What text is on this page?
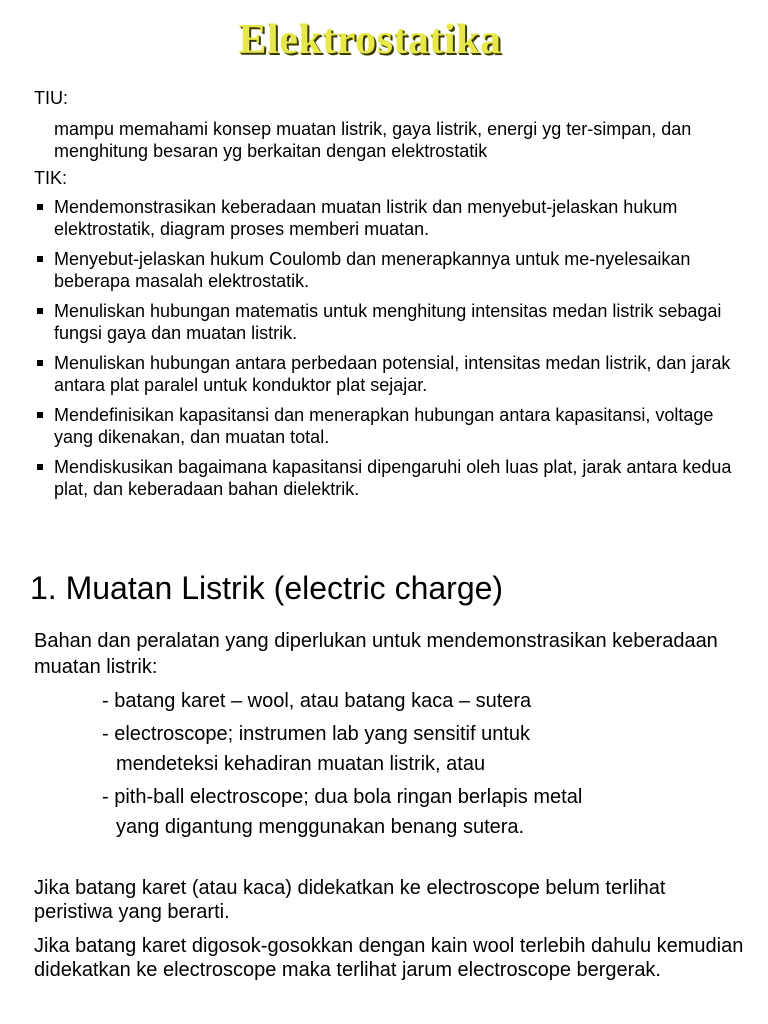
Elektrostatika
TIU:
mampu memahami konsep muatan listrik, gaya listrik, energi yg ter-simpan, dan menghitung besaran yg berkaitan dengan elektrostatik
TIK:
Mendemonstrasikan keberadaan muatan listrik dan menyebut-jelaskan hukum elektrostatik, diagram proses memberi muatan.
Menyebut-jelaskan hukum Coulomb dan menerapkannya untuk me-nyelesaikan beberapa masalah elektrostatik.
Menuliskan hubungan matematis untuk menghitung intensitas medan listrik sebagai fungsi gaya dan muatan listrik.
Menuliskan hubungan antara perbedaan potensial, intensitas medan listrik, dan jarak antara plat paralel untuk konduktor plat sejajar.
Mendefinisikan kapasitansi dan menerapkan hubungan antara kapasitansi, voltage yang dikenakan, dan muatan total.
Mendiskusikan bagaimana kapasitansi dipengaruhi oleh luas plat, jarak antara kedua plat, dan keberadaan bahan dielektrik.
1. Muatan Listrik (electric charge)
Bahan dan peralatan yang diperlukan untuk mendemonstrasikan keberadaan muatan listrik:
- batang karet – wool, atau batang kaca – sutera
- electroscope; instrumen lab yang sensitif untuk
mendeteksi kehadiran muatan listrik, atau
- pith-ball electroscope; dua bola ringan berlapis metal
yang digantung menggunakan benang sutera.
Jika batang karet (atau kaca) didekatkan ke electroscope belum terlihat peristiwa yang berarti.
Jika batang karet digosok-gosokkan dengan kain wool terlebih dahulu kemudian didekatkan ke electroscope maka terlihat jarum electroscope bergerak.
